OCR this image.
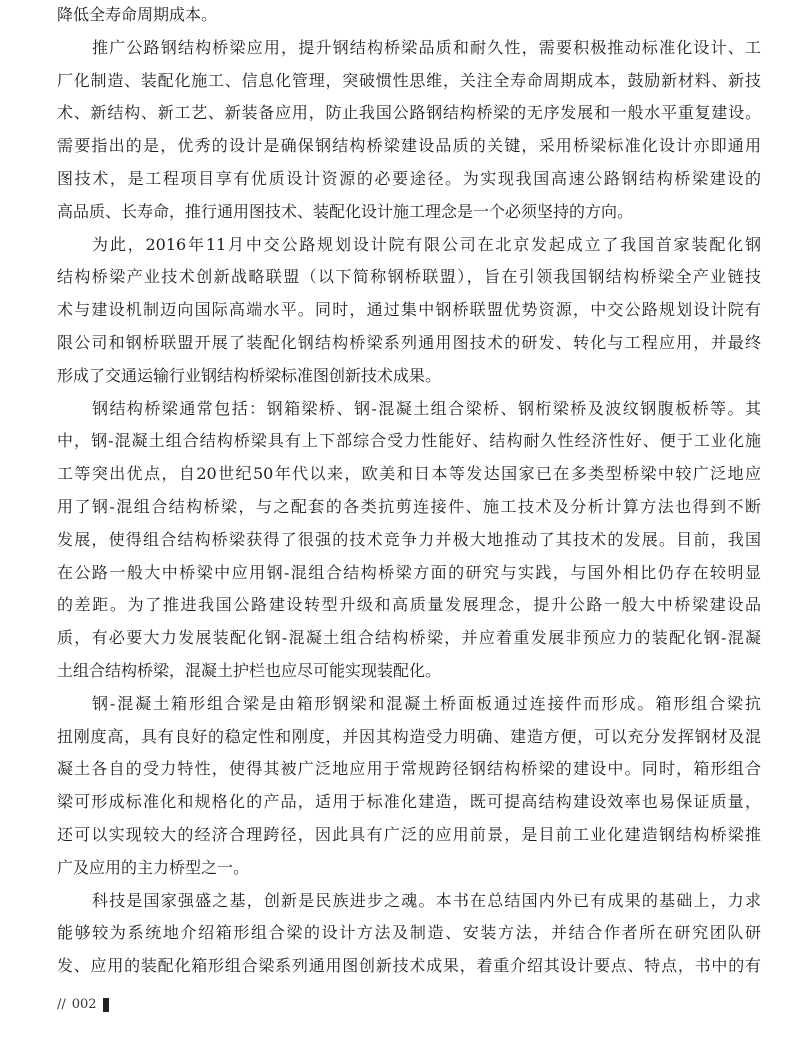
降低全寿命周期成本。
推广公路钢结构桥梁应用，提升钢结构桥梁品质和耐久性，需要积极推动标准化设计、工
厂化制造、装配化施工、信息化管理，突破惯性思维，关注全寿命周期成本，鼓励新材料、新技
术、新结构、新工艺、新装备应用，防止我国公路钢结构桥梁的无序发展和一般水平重复建设。
需要指出的是，优秀的设计是确保钢结构桥梁建设品质的关键，采用桥梁标准化设计亦即通用
图技术，是工程项目享有优质设计资源的必要途径。为实现我国高速公路钢结构桥梁建设的
高品质、长寿命，推行通用图技术、装配化设计施工理念是一个必须坚持的方向。
为此，2016年11月中交公路规划设计院有限公司在北京发起成立了我国首家装配化钢
结构桥梁产业技术创新战略联盟（以下简称钢桥联盟），旨在引领我国钢结构桥梁全产业链技
术与建设机制迈向国际高端水平。同时，通过集中钢桥联盟优势资源，中交公路规划设计院有
限公司和钢桥联盟开展了装配化钢结构桥梁系列通用图技术的研发、转化与工程应用，并最终
形成了交通运输行业钢结构桥梁标准图创新技术成果。
钢结构桥梁通常包括：钢箱梁桥、钢-混凝土组合梁桥、钢桁梁桥及波纹钢腹板桥等。其
中，钢-混凝土组合结构桥梁具有上下部综合受力性能好、结构耐久性经济性好、便于工业化施
工等突出优点，自20世纪50年代以来，欧美和日本等发达国家已在多类型桥梁中较广泛地应
用了钢-混组合结构桥梁，与之配套的各类抗剪连接件、施工技术及分析计算方法也得到不断
发展，使得组合结构桥梁获得了很强的技术竞争力并极大地推动了其技术的发展。目前，我国
在公路一般大中桥梁中应用钢-混组合结构桥梁方面的研究与实践，与国外相比仍存在较明显
的差距。为了推进我国公路建设转型升级和高质量发展理念，提升公路一般大中桥梁建设品
质，有必要大力发展装配化钢-混凝土组合结构桥梁，并应着重发展非预应力的装配化钢-混凝
土组合结构桥梁，混凝土护栏也应尽可能实现装配化。
钢-混凝土箱形组合梁是由箱形钢梁和混凝土桥面板通过连接件而形成。箱形组合梁抗
扭刚度高，具有良好的稳定性和刚度，并因其构造受力明确、建造方便，可以充分发挥钢材及混
凝土各自的受力特性，使得其被广泛地应用于常规跨径钢结构桥梁的建设中。同时，箱形组合
梁可形成标准化和规格化的产品，适用于标准化建造，既可提高结构建设效率也易保证质量，
还可以实现较大的经济合理跨径，因此具有广泛的应用前景，是目前工业化建造钢结构桥梁推
广及应用的主力桥型之一。
科技是国家强盛之基，创新是民族进步之魂。本书在总结国内外已有成果的基础上，力求
能够较为系统地介绍箱形组合梁的设计方法及制造、安装方法，并结合作者所在研究团队研
发、应用的装配化箱形组合梁系列通用图创新技术成果，着重介绍其设计要点、特点，书中的有
// 002
